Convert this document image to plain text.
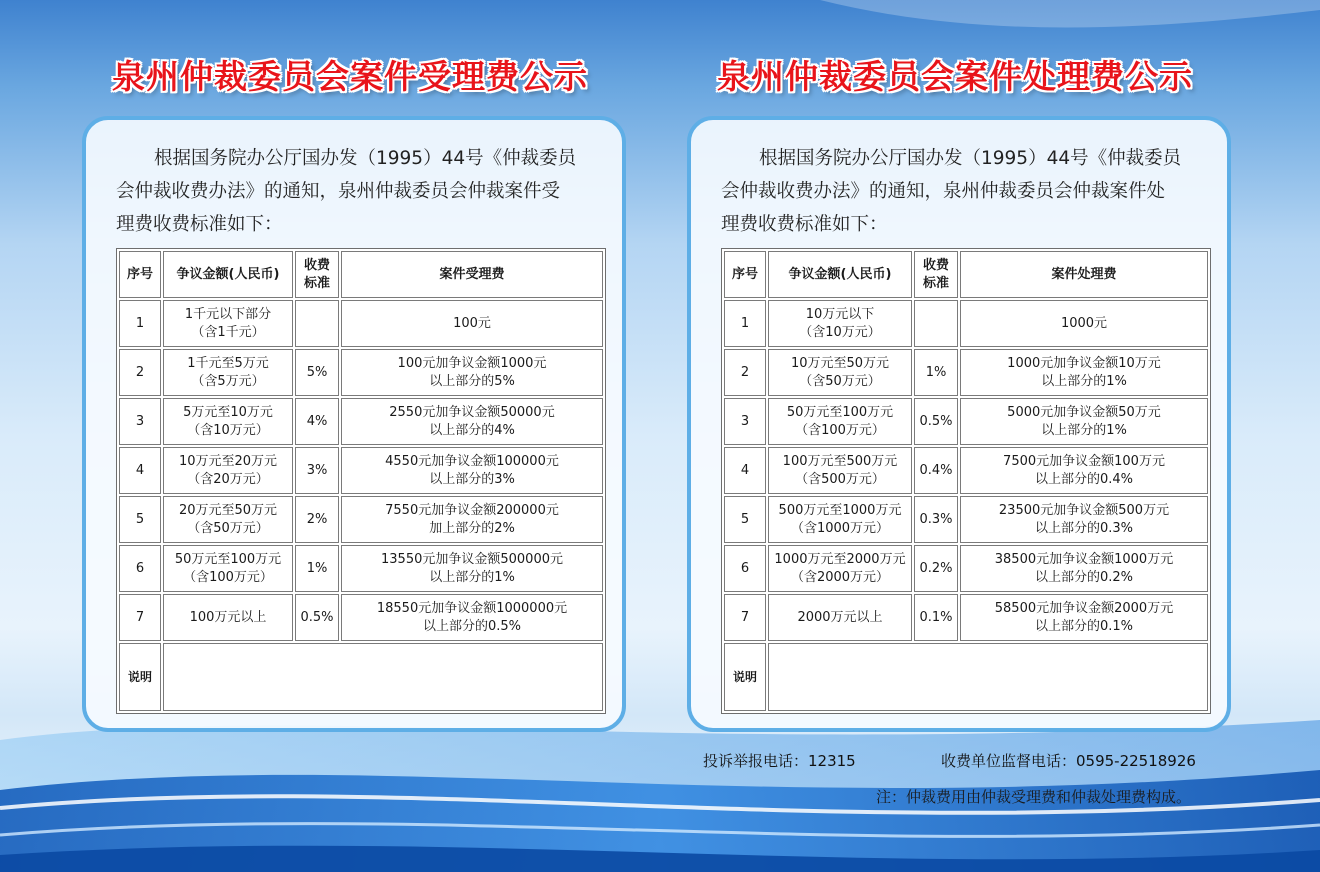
泉州仲裁委员会案件受理费公示
根据国务院办公厅国办发（1995）44号《仲裁委员
会仲裁收费办法》的通知，泉州仲裁委员会仲裁案件受
理费收费标准如下：
序号	争议金额(人民币)	收费
标准	案件受理费
1	1千元以下部分
（含1千元）		100元

2	1千元至5万元
（含5万元）	5%	100元加争议金额1000元
以上部分的5%

3	5万元至10万元
（含10万元）	4%	2550元加争议金额50000元
以上部分的4%

4	10万元至20万元
（含20万元）	3%	4550元加争议金额100000元
以上部分的3%

5	20万元至50万元
（含50万元）	2%	7550元加争议金额200000元
加上部分的2%

6	50万元至100万元
（含100万元）	1%	13550元加争议金额500000元
以上部分的1%

7	100万元以上	0.5%	18550元加争议金额1000000元
以上部分的0.5%

说明			
泉州仲裁委员会案件处理费公示
根据国务院办公厅国办发（1995）44号《仲裁委员
会仲裁收费办法》的通知，泉州仲裁委员会仲裁案件处
理费收费标准如下：
序号	争议金额(人民币)	收费
标准	案件处理费
1	10万元以下
（含10万元）		1000元

2	10万元至50万元
（含50万元）	1%	1000元加争议金额10万元
以上部分的1%

3	50万元至100万元
（含100万元）	0.5%	5000元加争议金额50万元
以上部分的1%

4	100万元至500万元
（含500万元）	0.4%	7500元加争议金额100万元
以上部分的0.4%

5	500万元至1000万元
（含1000万元）	0.3%	23500元加争议金额500万元
以上部分的0.3%

6	1000万元至2000万元
（含2000万元）	0.2%	38500元加争议金额1000万元
以上部分的0.2%

7	2000万元以上	0.1%	58500元加争议金额2000万元
以上部分的0.1%

说明			
投诉举报电话：12315	收费单位监督电话：0595-22518926
注：仲裁费用由仲裁受理费和仲裁处理费构成。
